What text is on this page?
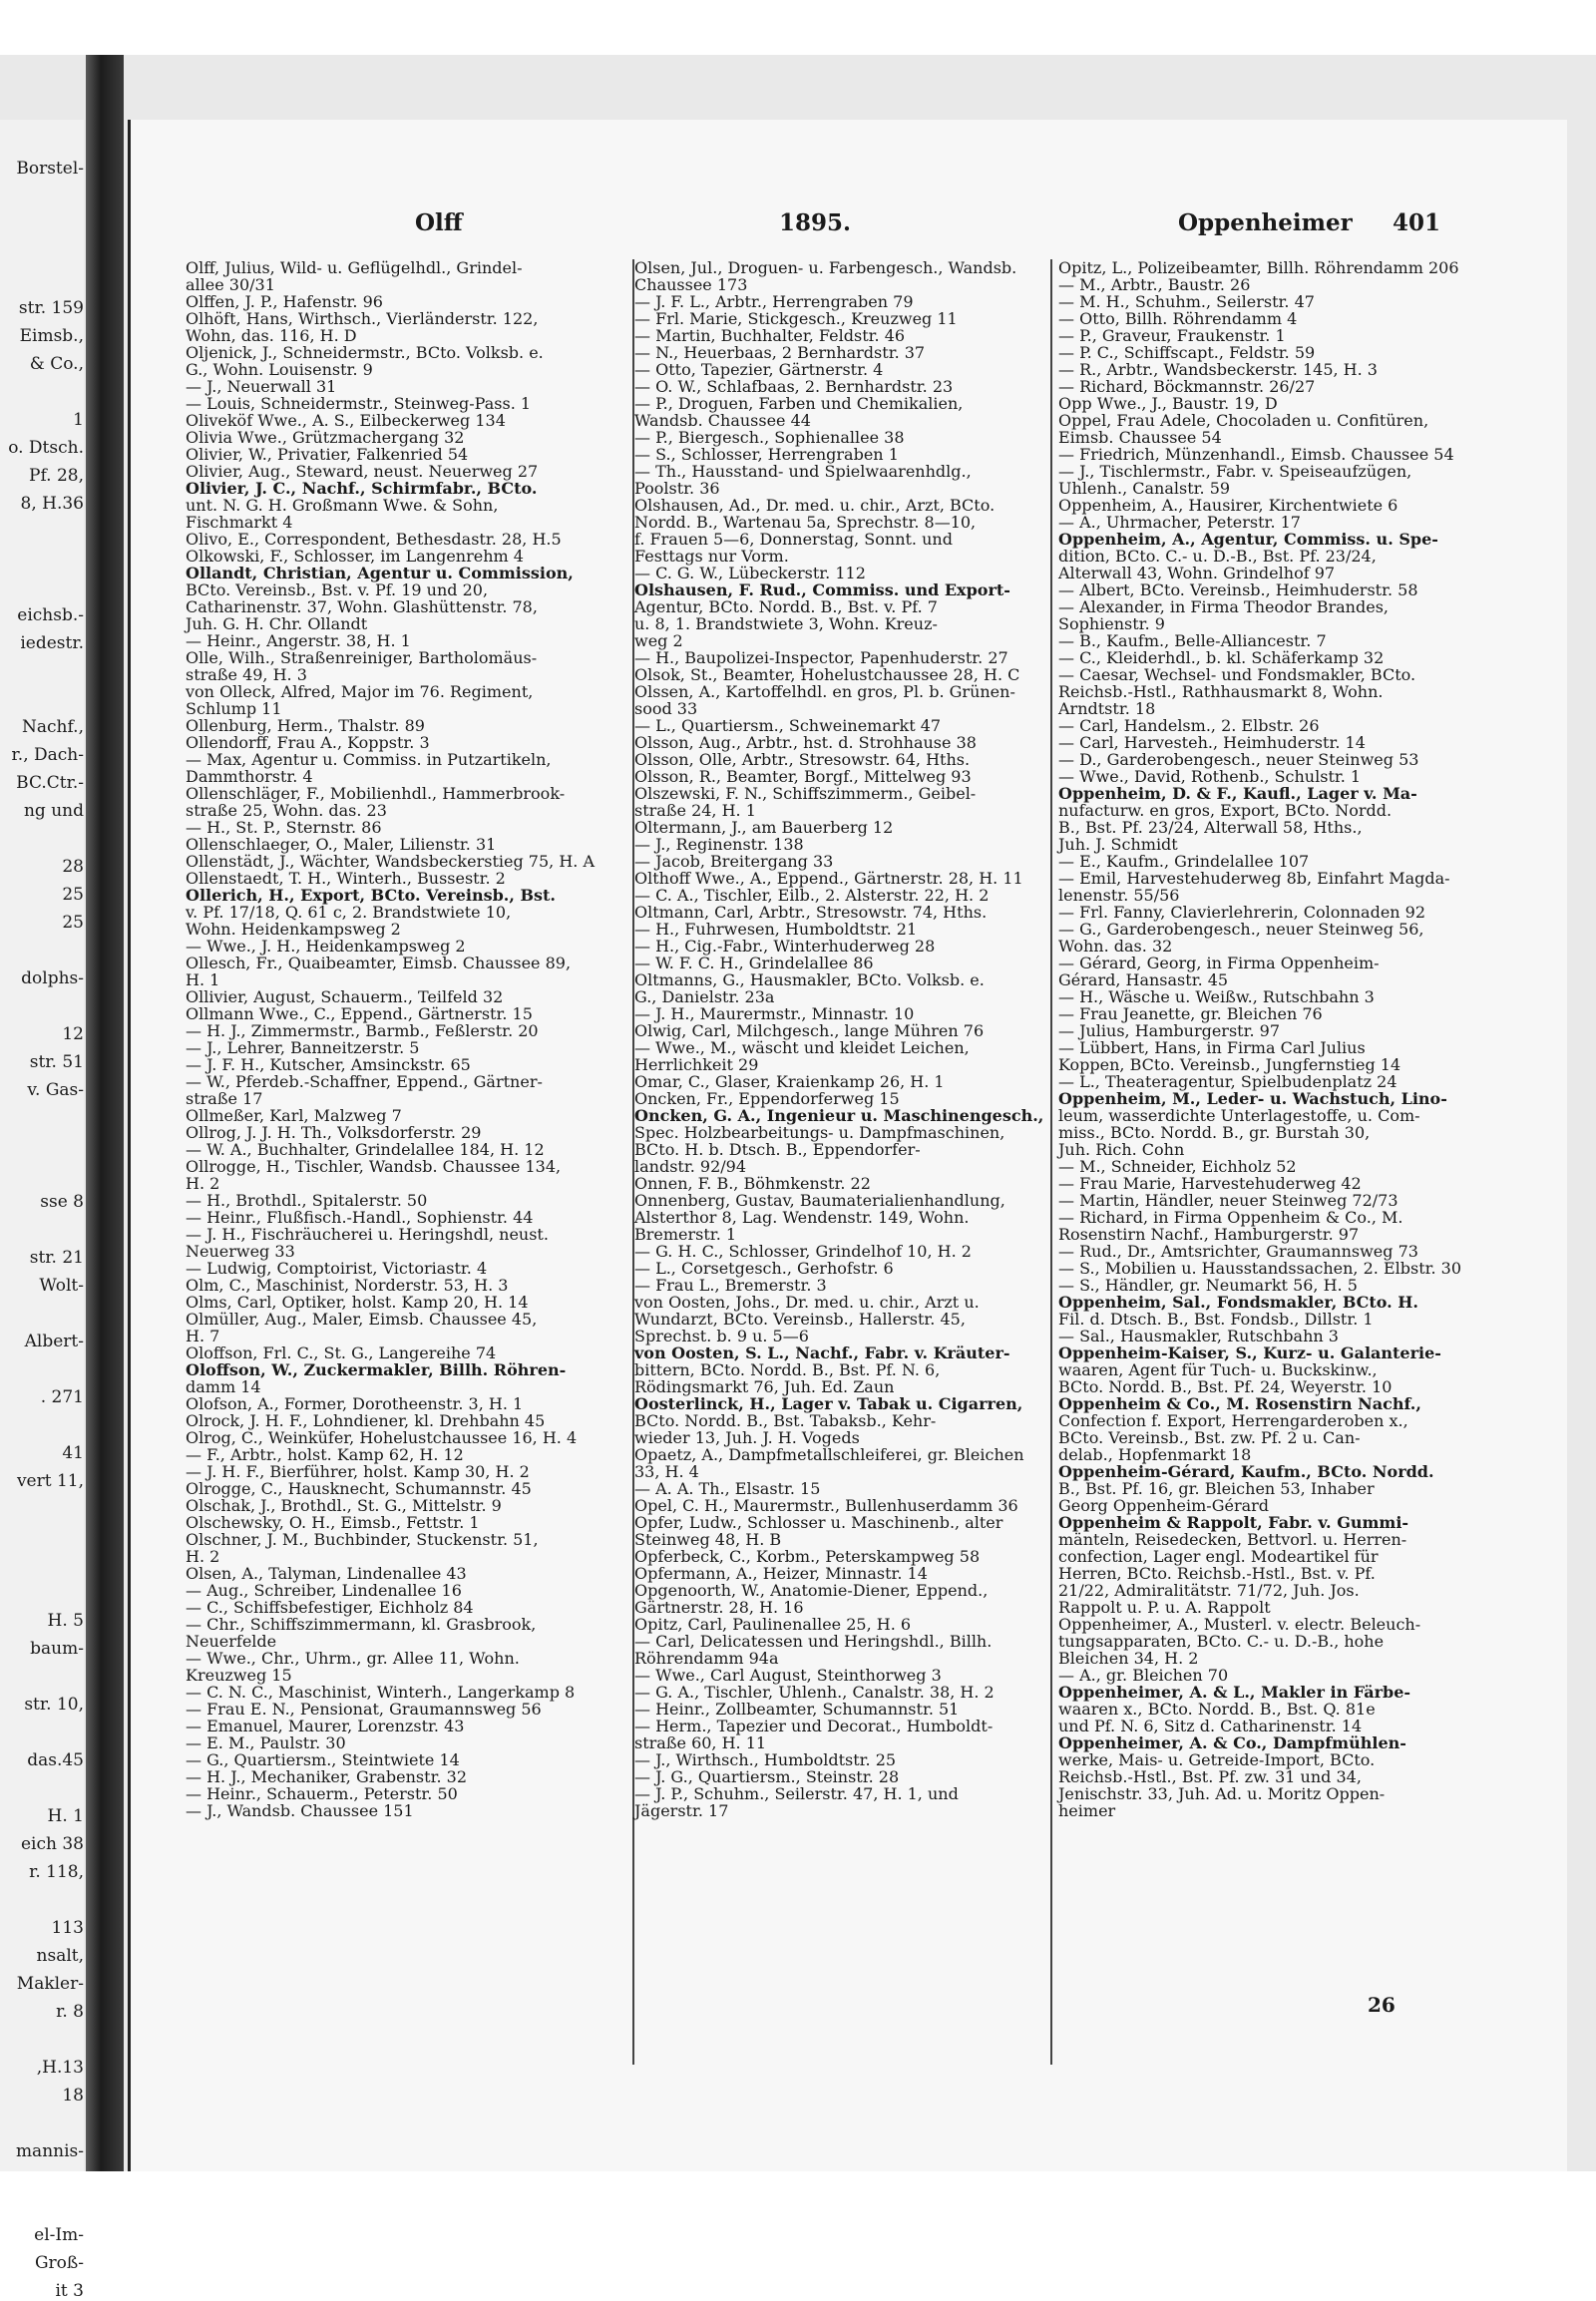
Borstel-
str. 159
Eimsb.,
& Co.,
1
o. Dtsch.
Pf. 28,
8, H.36
eichsb.-
iedestr.
Nachf.,
r., Dach-
BC.Ctr.-
ng und
28
25
25
dolphs-
12
str. 51
v. Gas-
sse 8
str. 21
Wolt-
Albert-
. 271
41
vert 11,
H. 5
baum-
str. 10,
das.45
H. 1
eich 38
r. 118,
113
nsalt,
Makler-
r. 8
,H.13
18
mannis-
el-Im-
Groß-
it 3
Olff	1895.	Oppenheimer 401
Olff, Julius, Wild- u. Geflügelhdl., Grindel-
allee 30/31
Olffen, J. P., Hafenstr. 96
Olhöft, Hans, Wirthsch., Vierländerstr. 122,
Wohn, das. 116, H. D
Oljenick, J., Schneidermstr., BCto. Volksb. e.
G., Wohn. Louisenstr. 9
— J., Neuerwall 31
— Louis, Schneidermstr., Steinweg-Pass. 1
Oliveköf Wwe., A. S., Eilbeckerweg 134
Olivia Wwe., Grützmachergang 32
Olivier, W., Privatier, Falkenried 54
Olivier, Aug., Steward, neust. Neuerweg 27
Olivier, J. C., Nachf., Schirmfabr., BCto.
unt. N. G. H. Großmann Wwe. & Sohn,
Fischmarkt 4
Olivo, E., Correspondent, Bethesdastr. 28, H.5
Olkowski, F., Schlosser, im Langenrehm 4
Ollandt, Christian, Agentur u. Commission,
BCto. Vereinsb., Bst. v. Pf. 19 und 20,
Catharinenstr. 37, Wohn. Glashüttenstr. 78,
Juh. G. H. Chr. Ollandt
— Heinr., Angerstr. 38, H. 1
Olle, Wilh., Straßenreiniger, Bartholomäus-
straße 49, H. 3
von Olleck, Alfred, Major im 76. Regiment,
Schlump 11
Ollenburg, Herm., Thalstr. 89
Ollendorff, Frau A., Koppstr. 3
— Max, Agentur u. Commiss. in Putzartikeln,
Dammthorstr. 4
Ollenschläger, F., Mobilienhdl., Hammerbrook-
straße 25, Wohn. das. 23
— H., St. P., Sternstr. 86
Ollenschlaeger, O., Maler, Lilienstr. 31
Ollenstädt, J., Wächter, Wandsbeckerstieg 75, H. A
Ollenstaedt, T. H., Winterh., Bussestr. 2
Ollerich, H., Export, BCto. Vereinsb., Bst.
v. Pf. 17/18, Q. 61 c, 2. Brandstwiete 10,
Wohn. Heidenkampsweg 2
— Wwe., J. H., Heidenkampsweg 2
Ollesch, Fr., Quaibeamter, Eimsb. Chaussee 89,
H. 1
Ollivier, August, Schauerm., Teilfeld 32
Ollmann Wwe., C., Eppend., Gärtnerstr. 15
— H. J., Zimmermstr., Barmb., Feßlerstr. 20
— J., Lehrer, Banneitzerstr. 5
— J. F. H., Kutscher, Amsinckstr. 65
— W., Pferdeb.-Schaffner, Eppend., Gärtner-
straße 17
Ollmeßer, Karl, Malzweg 7
Ollrog, J. J. H. Th., Volksdorferstr. 29
— W. A., Buchhalter, Grindelallee 184, H. 12
Ollrogge, H., Tischler, Wandsb. Chaussee 134,
H. 2
— H., Brothdl., Spitalerstr. 50
— Heinr., Flußfisch.-Handl., Sophienstr. 44
— J. H., Fischräucherei u. Heringshdl, neust.
Neuerweg 33
— Ludwig, Comptoirist, Victoriastr. 4
Olm, C., Maschinist, Norderstr. 53, H. 3
Olms, Carl, Optiker, holst. Kamp 20, H. 14
Olmüller, Aug., Maler, Eimsb. Chaussee 45,
H. 7
Oloffson, Frl. C., St. G., Langereihe 74
Oloffson, W., Zuckermakler, Billh. Röhren-
damm 14
Olofson, A., Former, Dorotheenstr. 3, H. 1
Olrock, J. H. F., Lohndiener, kl. Drehbahn 45
Olrog, C., Weinküfer, Hohelustchaussee 16, H. 4
— F., Arbtr., holst. Kamp 62, H. 12
— J. H. F., Bierführer, holst. Kamp 30, H. 2
Olrogge, C., Hausknecht, Schumannstr. 45
Olschak, J., Brothdl., St. G., Mittelstr. 9
Olschewsky, O. H., Eimsb., Fettstr. 1
Olschner, J. M., Buchbinder, Stuckenstr. 51,
H. 2
Olsen, A., Talyman, Lindenallee 43
— Aug., Schreiber, Lindenallee 16
— C., Schiffsbefestiger, Eichholz 84
— Chr., Schiffszimmermann, kl. Grasbrook,
Neuerfelde
— Wwe., Chr., Uhrm., gr. Allee 11, Wohn.
Kreuzweg 15
— C. N. C., Maschinist, Winterh., Langerkamp 8
— Frau E. N., Pensionat, Graumannsweg 56
— Emanuel, Maurer, Lorenzstr. 43
— E. M., Paulstr. 30
— G., Quartiersm., Steintwiete 14
— H. J., Mechaniker, Grabenstr. 32
— Heinr., Schauerm., Peterstr. 50
— J., Wandsb. Chaussee 151
Olsen, Jul., Droguen- u. Farbengesch., Wandsb.
Chaussee 173
— J. F. L., Arbtr., Herrengraben 79
— Frl. Marie, Stickgesch., Kreuzweg 11
— Martin, Buchhalter, Feldstr. 46
— N., Heuerbaas, 2 Bernhardstr. 37
— Otto, Tapezier, Gärtnerstr. 4
— O. W., Schlafbaas, 2. Bernhardstr. 23
— P., Droguen, Farben und Chemikalien,
Wandsb. Chaussee 44
— P., Biergesch., Sophienallee 38
— S., Schlosser, Herrengraben 1
— Th., Hausstand- und Spielwaarenhdlg.,
Poolstr. 36
Olshausen, Ad., Dr. med. u. chir., Arzt, BCto.
Nordd. B., Wartenau 5a, Sprechstr. 8—10,
f. Frauen 5—6, Donnerstag, Sonnt. und
Festtags nur Vorm.
— C. G. W., Lübeckerstr. 112
Olshausen, F. Rud., Commiss. und Export-
Agentur, BCto. Nordd. B., Bst. v. Pf. 7
u. 8, 1. Brandstwiete 3, Wohn. Kreuz-
weg 2
— H., Baupolizei-Inspector, Papenhuderstr. 27
Olsok, St., Beamter, Hohelustchaussee 28, H. C
Olssen, A., Kartoffelhdl. en gros, Pl. b. Grünen-
sood 33
— L., Quartiersm., Schweinemarkt 47
Olsson, Aug., Arbtr., hst. d. Strohhause 38
Olsson, Olle, Arbtr., Stresowstr. 64, Hths.
Olsson, R., Beamter, Borgf., Mittelweg 93
Olszewski, F. N., Schiffszimmerm., Geibel-
straße 24, H. 1
Oltermann, J., am Bauerberg 12
— J., Reginenstr. 138
— Jacob, Breitergang 33
Olthoff Wwe., A., Eppend., Gärtnerstr. 28, H. 11
— C. A., Tischler, Eilb., 2. Alsterstr. 22, H. 2
Oltmann, Carl, Arbtr., Stresowstr. 74, Hths.
— H., Fuhrwesen, Humboldtstr. 21
— H., Cig.-Fabr., Winterhuderweg 28
— W. F. C. H., Grindelallee 86
Oltmanns, G., Hausmakler, BCto. Volksb. e.
G., Danielstr. 23a
— J. H., Maurermstr., Minnastr. 10
Olwig, Carl, Milchgesch., lange Mühren 76
— Wwe., M., wäscht und kleidet Leichen,
Herrlichkeit 29
Omar, C., Glaser, Kraienkamp 26, H. 1
Oncken, Fr., Eppendorferweg 15
Oncken, G. A., Ingenieur u. Maschinengesch.,
Spec. Holzbearbeitungs- u. Dampfmaschinen,
BCto. H. b. Dtsch. B., Eppendorfer-
landstr. 92/94
Onnen, F. B., Böhmkenstr. 22
Onnenberg, Gustav, Baumaterialienhandlung,
Alsterthor 8, Lag. Wendenstr. 149, Wohn.
Bremerstr. 1
— G. H. C., Schlosser, Grindelhof 10, H. 2
— L., Corsetgesch., Gerhofstr. 6
— Frau L., Bremerstr. 3
von Oosten, Johs., Dr. med. u. chir., Arzt u.
Wundarzt, BCto. Vereinsb., Hallerstr. 45,
Sprechst. b. 9 u. 5—6
von Oosten, S. L., Nachf., Fabr. v. Kräuter-
bittern, BCto. Nordd. B., Bst. Pf. N. 6,
Rödingsmarkt 76, Juh. Ed. Zaun
Oosterlinck, H., Lager v. Tabak u. Cigarren,
BCto. Nordd. B., Bst. Tabaksb., Kehr-
wieder 13, Juh. J. H. Vogeds
Opaetz, A., Dampfmetallschleiferei, gr. Bleichen
33, H. 4
— A. A. Th., Elsastr. 15
Opel, C. H., Maurermstr., Bullenhuserdamm 36
Opfer, Ludw., Schlosser u. Maschinenb., alter
Steinweg 48, H. B
Opferbeck, C., Korbm., Peterskampweg 58
Opfermann, A., Heizer, Minnastr. 14
Opgenoorth, W., Anatomie-Diener, Eppend.,
Gärtnerstr. 28, H. 16
Opitz, Carl, Paulinenallee 25, H. 6
— Carl, Delicatessen und Heringshdl., Billh.
Röhrendamm 94a
— Wwe., Carl August, Steinthorweg 3
— G. A., Tischler, Uhlenh., Canalstr. 38, H. 2
— Heinr., Zollbeamter, Schumannstr. 51
— Herm., Tapezier und Decorat., Humboldt-
straße 60, H. 11
— J., Wirthsch., Humboldtstr. 25
— J. G., Quartiersm., Steinstr. 28
— J. P., Schuhm., Seilerstr. 47, H. 1, und
Jägerstr. 17
Opitz, L., Polizeibeamter, Billh. Röhrendamm 206
— M., Arbtr., Baustr. 26
— M. H., Schuhm., Seilerstr. 47
— Otto, Billh. Röhrendamm 4
— P., Graveur, Fraukenstr. 1
— P. C., Schiffscapt., Feldstr. 59
— R., Arbtr., Wandsbeckerstr. 145, H. 3
— Richard, Böckmannstr. 26/27
Opp Wwe., J., Baustr. 19, D
Oppel, Frau Adele, Chocoladen u. Confitüren,
Eimsb. Chaussee 54
— Friedrich, Münzenhandl., Eimsb. Chaussee 54
— J., Tischlermstr., Fabr. v. Speiseaufzügen,
Uhlenh., Canalstr. 59
Oppenheim, A., Hausirer, Kirchentwiete 6
— A., Uhrmacher, Peterstr. 17
Oppenheim, A., Agentur, Commiss. u. Spe-
dition, BCto. C.- u. D.-B., Bst. Pf. 23/24,
Alterwall 43, Wohn. Grindelhof 97
— Albert, BCto. Vereinsb., Heimhuderstr. 58
— Alexander, in Firma Theodor Brandes,
Sophienstr. 9
— B., Kaufm., Belle-Alliancestr. 7
— C., Kleiderhdl., b. kl. Schäferkamp 32
— Caesar, Wechsel- und Fondsmakler, BCto.
Reichsb.-Hstl., Rathhausmarkt 8, Wohn.
Arndtstr. 18
— Carl, Handelsm., 2. Elbstr. 26
— Carl, Harvesteh., Heimhuderstr. 14
— D., Garderobengesch., neuer Steinweg 53
— Wwe., David, Rothenb., Schulstr. 1
Oppenheim, D. & F., Kaufl., Lager v. Ma-
nufacturw. en gros, Export, BCto. Nordd.
B., Bst. Pf. 23/24, Alterwall 58, Hths.,
Juh. J. Schmidt
— E., Kaufm., Grindelallee 107
— Emil, Harvestehuderweg 8b, Einfahrt Magda-
lenenstr. 55/56
— Frl. Fanny, Clavierlehrerin, Colonnaden 92
— G., Garderobengesch., neuer Steinweg 56,
Wohn. das. 32
— Gérard, Georg, in Firma Oppenheim-
Gérard, Hansastr. 45
— H., Wäsche u. Weißw., Rutschbahn 3
— Frau Jeanette, gr. Bleichen 76
— Julius, Hamburgerstr. 97
— Lübbert, Hans, in Firma Carl Julius
Koppen, BCto. Vereinsb., Jungfernstieg 14
— L., Theateragentur, Spielbudenplatz 24
Oppenheim, M., Leder- u. Wachstuch, Lino-
leum, wasserdichte Unterlagestoffe, u. Com-
miss., BCto. Nordd. B., gr. Burstah 30,
Juh. Rich. Cohn
— M., Schneider, Eichholz 52
— Frau Marie, Harvestehuderweg 42
— Martin, Händler, neuer Steinweg 72/73
— Richard, in Firma Oppenheim & Co., M.
Rosenstirn Nachf., Hamburgerstr. 97
— Rud., Dr., Amtsrichter, Graumannsweg 73
— S., Mobilien u. Hausstandssachen, 2. Elbstr. 30
— S., Händler, gr. Neumarkt 56, H. 5
Oppenheim, Sal., Fondsmakler, BCto. H.
Fil. d. Dtsch. B., Bst. Fondsb., Dillstr. 1
— Sal., Hausmakler, Rutschbahn 3
Oppenheim-Kaiser, S., Kurz- u. Galanterie-
waaren, Agent für Tuch- u. Buckskinw.,
BCto. Nordd. B., Bst. Pf. 24, Weyerstr. 10
Oppenheim & Co., M. Rosenstirn Nachf.,
Confection f. Export, Herrengarderoben x.,
BCto. Vereinsb., Bst. zw. Pf. 2 u. Can-
delab., Hopfenmarkt 18
Oppenheim-Gérard, Kaufm., BCto. Nordd.
B., Bst. Pf. 16, gr. Bleichen 53, Inhaber
Georg Oppenheim-Gérard
Oppenheim & Rappolt, Fabr. v. Gummi-
mänteln, Reisedecken, Bettvorl. u. Herren-
confection, Lager engl. Modeartikel für
Herren, BCto. Reichsb.-Hstl., Bst. v. Pf.
21/22, Admiralitätstr. 71/72, Juh. Jos.
Rappolt u. P. u. A. Rappolt
Oppenheimer, A., Musterl. v. electr. Beleuch-
tungsapparaten, BCto. C.- u. D.-B., hohe
Bleichen 34, H. 2
— A., gr. Bleichen 70
Oppenheimer, A. & L., Makler in Färbe-
waaren x., BCto. Nordd. B., Bst. Q. 81e
und Pf. N. 6, Sitz d. Catharinenstr. 14
Oppenheimer, A. & Co., Dampfmühlen-
werke, Mais- u. Getreide-Import, BCto.
Reichsb.-Hstl., Bst. Pf. zw. 31 und 34,
Jenischstr. 33, Juh. Ad. u. Moritz Oppen-
heimer
26
